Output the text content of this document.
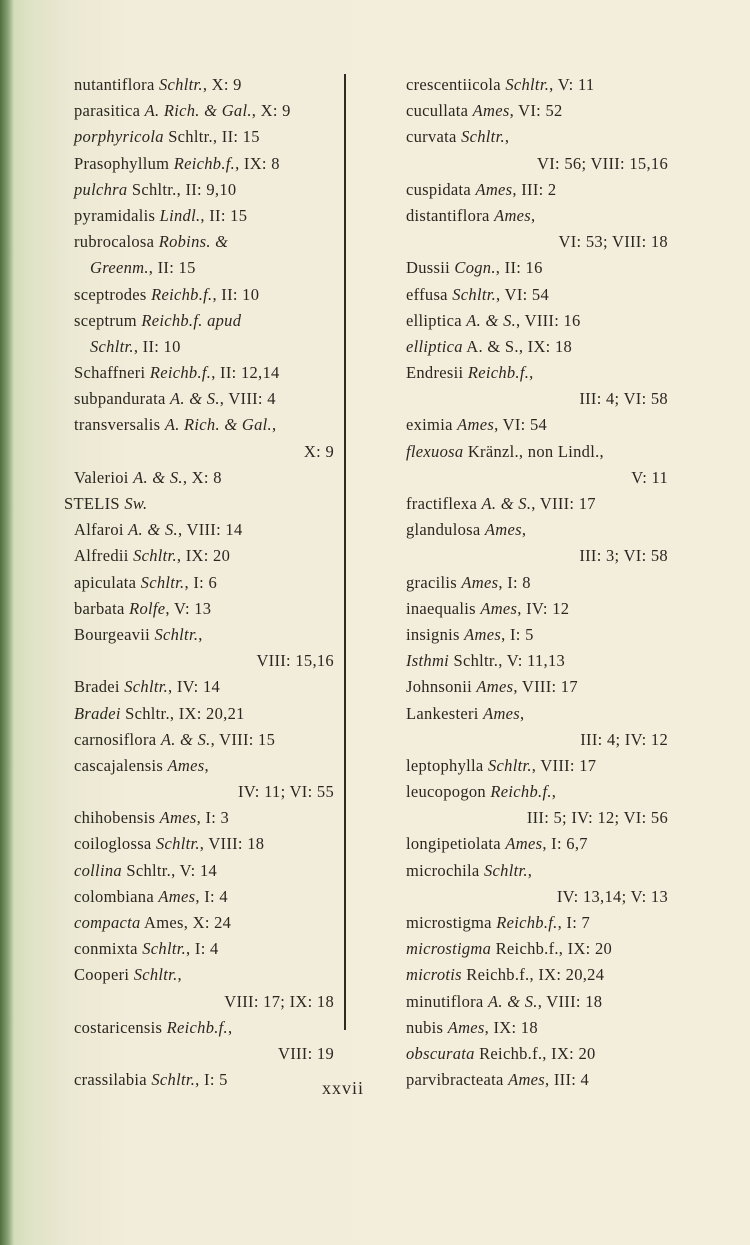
nutantiflora Schltr., X: 9
parasitica A. Rich. & Gal., X: 9
porphyricola Schltr., II: 15
Prasophyllum Reichb.f., IX: 8
pulchra Schltr., II: 9,10
pyramidalis Lindl., II: 15
rubrocalosa Robins. &
Greenm., II: 15
sceptrodes Reichb.f., II: 10
sceptrum Reichb.f. apud
Schltr., II: 10
Schaffneri Reichb.f., II: 12,14
subpandurata A. & S., VIII: 4
transversalis A. Rich. & Gal.,
X: 9
Valerioi A. & S., X: 8
STELIS Sw.
Alfaroi A. & S., VIII: 14
Alfredii Schltr., IX: 20
apiculata Schltr., I: 6
barbata Rolfe, V: 13
Bourgeavii Schltr.,
VIII: 15,16
Bradei Schltr., IV: 14
Bradei Schltr., IX: 20,21
carnosiflora A. & S., VIII: 15
cascajalensis Ames,
IV: 11; VI: 55
chihobensis Ames, I: 3
coiloglossa Schltr., VIII: 18
collina Schltr., V: 14
colombiana Ames, I: 4
compacta Ames, X: 24
conmixta Schltr., I: 4
Cooperi Schltr.,
VIII: 17; IX: 18
costaricensis Reichb.f.,
VIII: 19
crassilabia Schltr., I: 5
crescentiicola Schltr., V: 11
cucullata Ames, VI: 52
curvata Schltr.,
VI: 56; VIII: 15,16
cuspidata Ames, III: 2
distantiflora Ames,
VI: 53; VIII: 18
Dussii Cogn., II: 16
effusa Schltr., VI: 54
elliptica A. & S., VIII: 16
elliptica A. & S., IX: 18
Endresii Reichb.f.,
III: 4; VI: 58
eximia Ames, VI: 54
flexuosa Kränzl., non Lindl.,
V: 11
fractiflexa A. & S., VIII: 17
glandulosa Ames,
III: 3; VI: 58
gracilis Ames, I: 8
inaequalis Ames, IV: 12
insignis Ames, I: 5
Isthmi Schltr., V: 11,13
Johnsonii Ames, VIII: 17
Lankesteri Ames,
III: 4; IV: 12
leptophylla Schltr., VIII: 17
leucopogon Reichb.f.,
III: 5; IV: 12; VI: 56
longipetiolata Ames, I: 6,7
microchila Schltr.,
IV: 13,14; V: 13
microstigma Reichb.f., I: 7
microstigma Reichb.f., IX: 20
microtis Reichb.f., IX: 20,24
minutiflora A. & S., VIII: 18
nubis Ames, IX: 18
obscurata Reichb.f., IX: 20
parvibracteata Ames, III: 4
xxvii
